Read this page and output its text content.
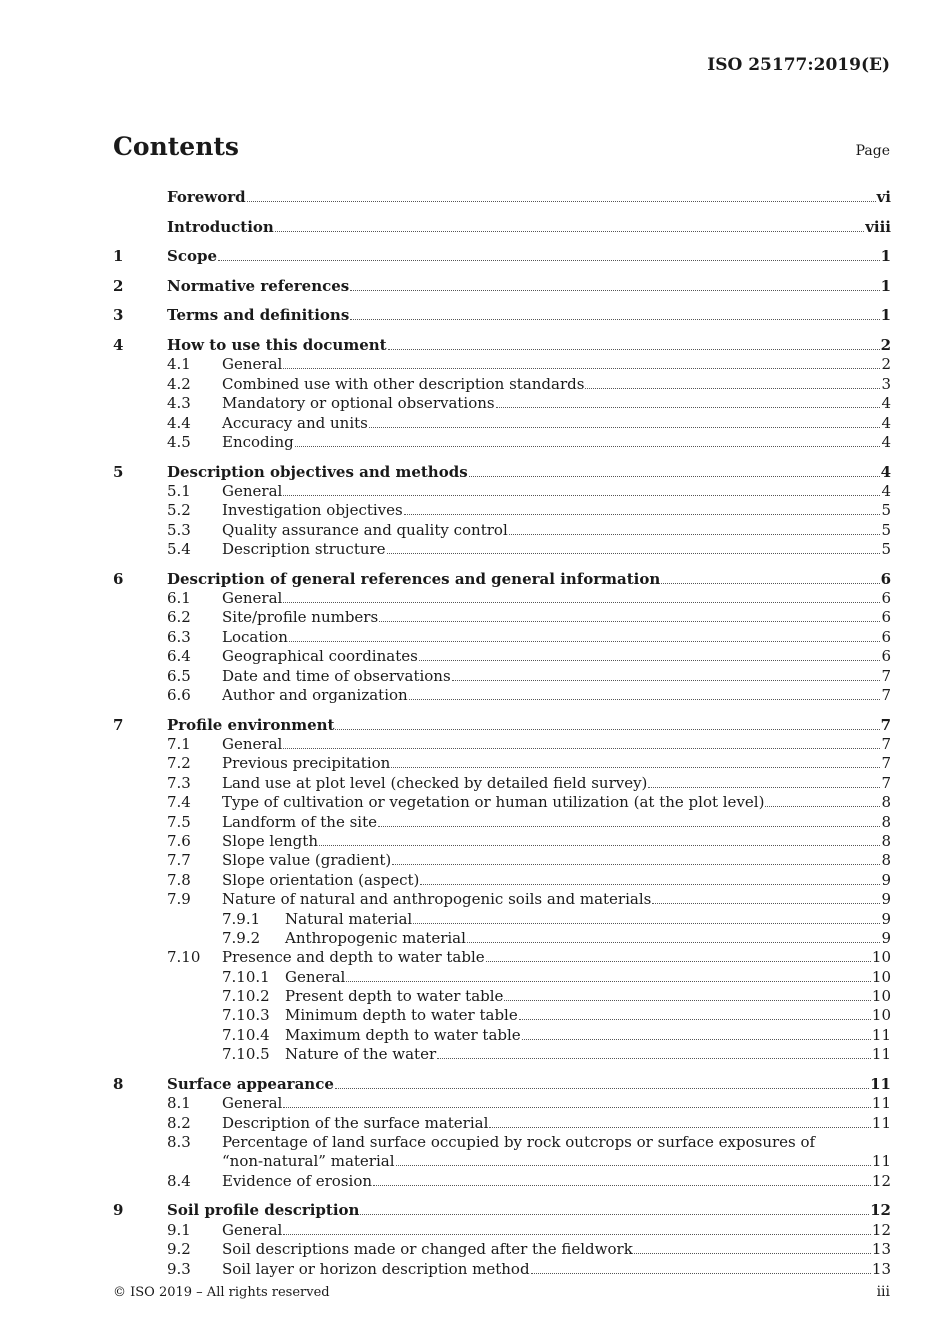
ISO 25177:2019(E)
Contents	Page
Foreword	vi
Introduction	viii
1	Scope	1
2	Normative references	1
3	Terms and definitions	1
4	How to use this document	2
4.1	General	2
4.2	Combined use with other description standards	3
4.3	Mandatory or optional observations	4
4.4	Accuracy and units	4
4.5	Encoding	4
5	Description objectives and methods	4
5.1	General	4
5.2	Investigation objectives	5
5.3	Quality assurance and quality control	5
5.4	Description structure	5
6	Description of general references and general information	6
6.1	General	6
6.2	Site/profile numbers	6
6.3	Location	6
6.4	Geographical coordinates	6
6.5	Date and time of observations	7
6.6	Author and organization	7
7	Profile environment	7
7.1	General	7
7.2	Previous precipitation	7
7.3	Land use at plot level (checked by detailed field survey)	7
7.4	Type of cultivation or vegetation or human utilization (at the plot level)	8
7.5	Landform of the site	8
7.6	Slope length	8
7.7	Slope value (gradient)	8
7.8	Slope orientation (aspect)	9
7.9	Nature of natural and anthropogenic soils and materials	9
7.9.1	Natural material	9
7.9.2	Anthropogenic material	9
7.10	Presence and depth to water table	10
7.10.1	General	10
7.10.2	Present depth to water table	10
7.10.3	Minimum depth to water table	10
7.10.4	Maximum depth to water table	11
7.10.5	Nature of the water	11
8	Surface appearance	11
8.1	General	11
8.2	Description of the surface material	11
8.3	Percentage of land surface occupied by rock outcrops or surface exposures of
“non-natural” material	11
8.4	Evidence of erosion	12
9	Soil profile description	12
9.1	General	12
9.2	Soil descriptions made or changed after the fieldwork	13
9.3	Soil layer or horizon description method	13
© ISO 2019 – All rights reserved	iii
